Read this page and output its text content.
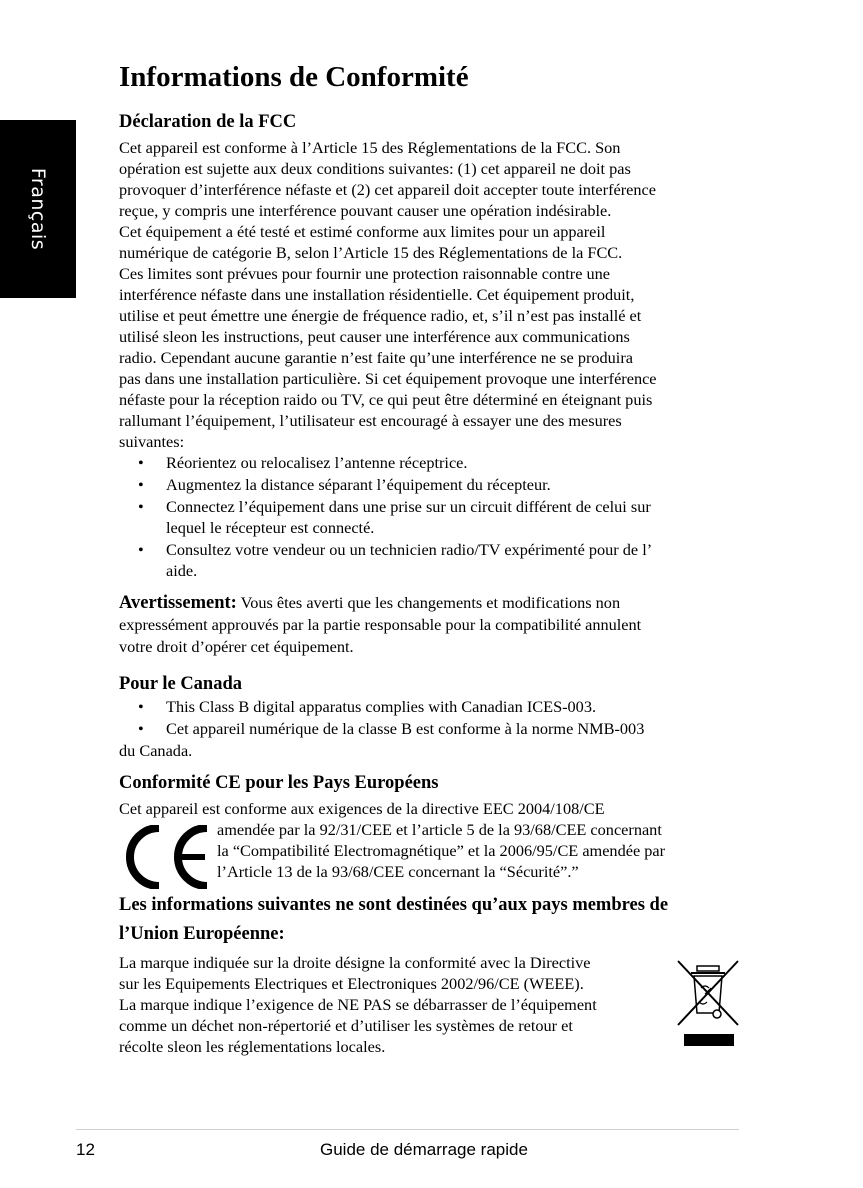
Français
Informations de Conformité
Déclaration de la FCC

Cet appareil est conforme à l’Article 15 des Réglementations de la FCC. Son

opération est sujette aux deux conditions suivantes: (1) cet appareil ne doit pas

provoquer d’interférence néfaste et (2) cet appareil doit accepter toute interférence

reçue, y compris une interférence pouvant causer une opération indésirable.

Cet équipement a été testé et estimé conforme aux limites pour un appareil

numérique de catégorie B, selon l’Article 15 des Réglementations de la FCC.

Ces limites sont prévues pour fournir une protection raisonnable contre une

interférence néfaste dans une installation résidentielle. Cet équipement produit,

utilise et peut émettre une énergie de fréquence radio, et, s’il n’est pas installé et

utilisé sleon les instructions, peut causer une interférence aux communications

radio. Cependant aucune garantie n’est faite qu’une interférence ne se produira

pas dans une installation particulière. Si cet équipement provoque une interférence

néfaste pour la réception raido ou TV, ce qui peut être déterminé en éteignant puis

rallumant l’équipement, l’utilisateur est encouragé à essayer une des mesures

suivantes:

• Réorientez ou relocalisez l’antenne réceptrice.
• Augmentez la distance séparant l’équipement du récepteur.
• Connectez l’équipement dans une prise sur un circuit différent de celui sur
lequel le récepteur est connecté.
• Consultez votre vendeur ou un technicien radio/TV expérimenté pour de l’
aide.

Avertissement: Vous êtes averti que les changements et modifications non
expressément approuvés par la partie responsable pour la compatibilité annulent
votre droit d’opérer cet équipement.

Pour le Canada
• This Class B digital apparatus complies with Canadian ICES-003.
• Cet appareil numérique de la classe B est conforme à la norme NMB-003

du Canada.

Conformité CE pour les Pays Européens

Cet appareil est conforme aux exigences de la directive EEC 2004/108/CE

amendée par la 92/31/CEE et l’article 5 de la 93/68/CEE concernant

la “Compatibilité Electromagnétique” et la 2006/95/CE amendée par

l’Article 13 de la 93/68/CEE concernant la “Sécurité”.”

Les informations suivantes ne sont destinées qu’aux pays membres de
l’Union Européenne:

La marque indiquée sur la droite désigne la conformité avec la Directive

sur les Equipements Electriques et Electroniques 2002/96/CE (WEEE).

La marque indique l’exigence de NE PAS se débarrasser de l’équipement

comme un déchet non-répertorié et d’utiliser les systèmes de retour et

récolte sleon les réglementations locales.

12	Guide de démarrage rapide
